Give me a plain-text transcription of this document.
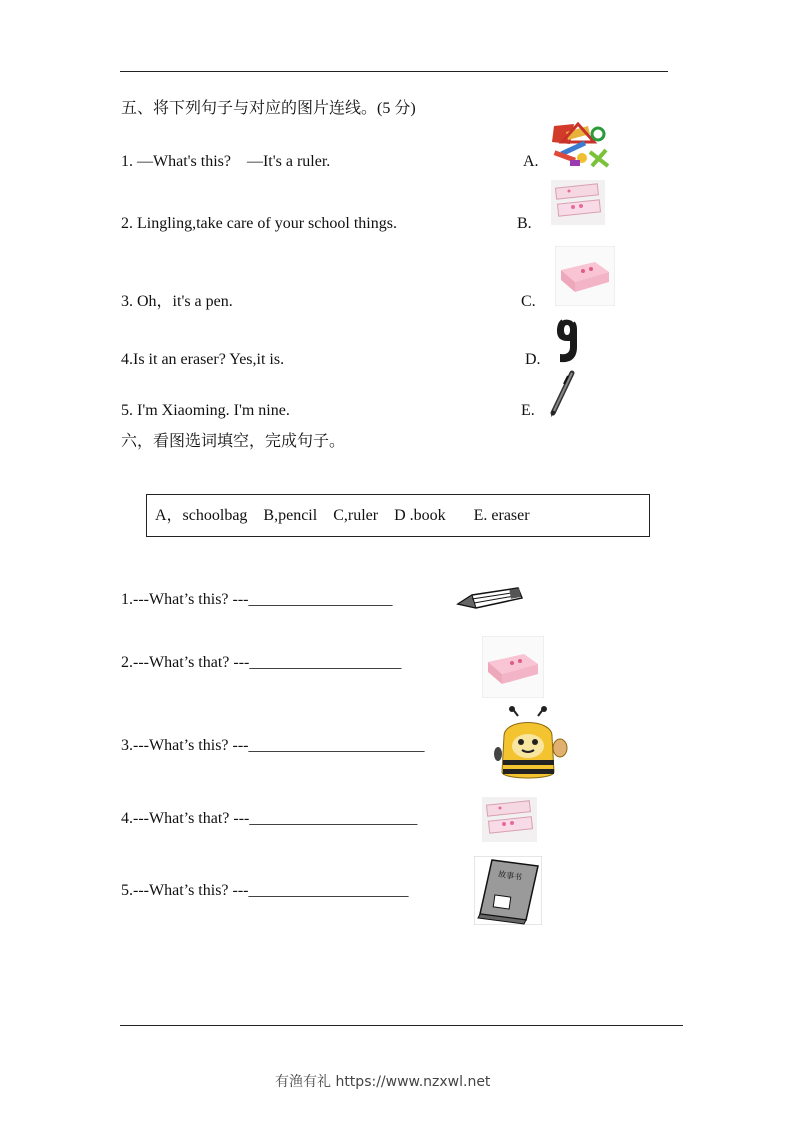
五、将下列句子与对应的图片连线。(5 分)
1. —What's this?    —It's a ruler.
2. Lingling,take care of your school things.
3. Oh，it's a pen.
4.Is it an eraser? Yes,it is.
5. I'm Xiaoming. I'm nine.
A.
B.
C.
D.
E.
六，看图选词填空，完成句子。
A，schoolbag    B,pencil    C,ruler    D .book       E. eraser
1.---What’s this? ---__________________
2.---What’s that? ---___________________
3.---What’s this? ---______________________
4.---What’s that? ---_____________________
5.---What’s this? ---____________________
故事书
有渔有礼 https://www.nzxwl.net
